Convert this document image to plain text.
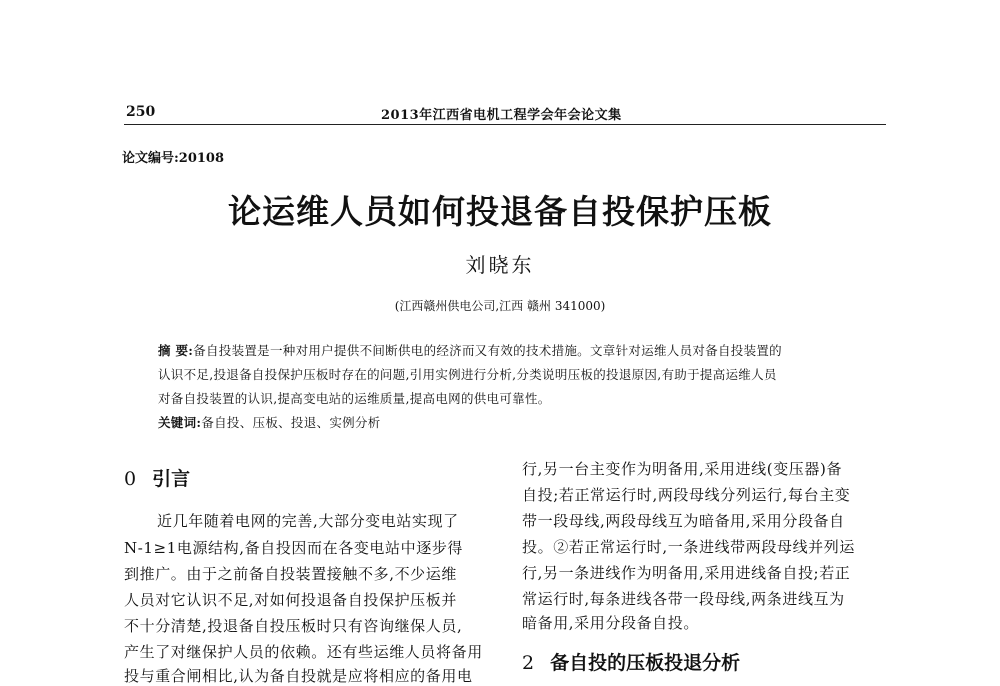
250	2013年江西省电机工程学会年会论文集
论文编号:20108
论运维人员如何投退备自投保护压板
刘晓东
(江西赣州供电公司,江西 赣州 341000)
摘 要:备自投装置是一种对用户提供不间断供电的经济而又有效的技术措施。文章针对运维人员对备自投装置的
认识不足,投退备自投保护压板时存在的问题,引用实例进行分析,分类说明压板的投退原因,有助于提高运维人员
对备自投装置的认识,提高变电站的运维质量,提高电网的供电可靠性。
关键词:备自投、压板、投退、实例分析
0 引言
近几年随着电网的完善,大部分变电站实现了
N-1≥1电源结构,备自投因而在各变电站中逐步得
到推广。由于之前备自投装置接触不多,不少运维
人员对它认识不足,对如何投退备自投保护压板并
不十分清楚,投退备自投压板时只有咨询继保人员,
产生了对继保护人员的依赖。还有些运维人员将备用
投与重合闸相比,认为备自投就是应将相应的备用电
行,另一台主变作为明备用,采用进线(变压器)备
自投;若正常运行时,两段母线分列运行,每台主变
带一段母线,两段母线互为暗备用,采用分段备自
投。②若正常运行时,一条进线带两段母线并列运
行,另一条进线作为明备用,采用进线备自投;若正
常运行时,每条进线各带一段母线,两条进线互为
暗备用,采用分段备自投。
2 备自投的压板投退分析
